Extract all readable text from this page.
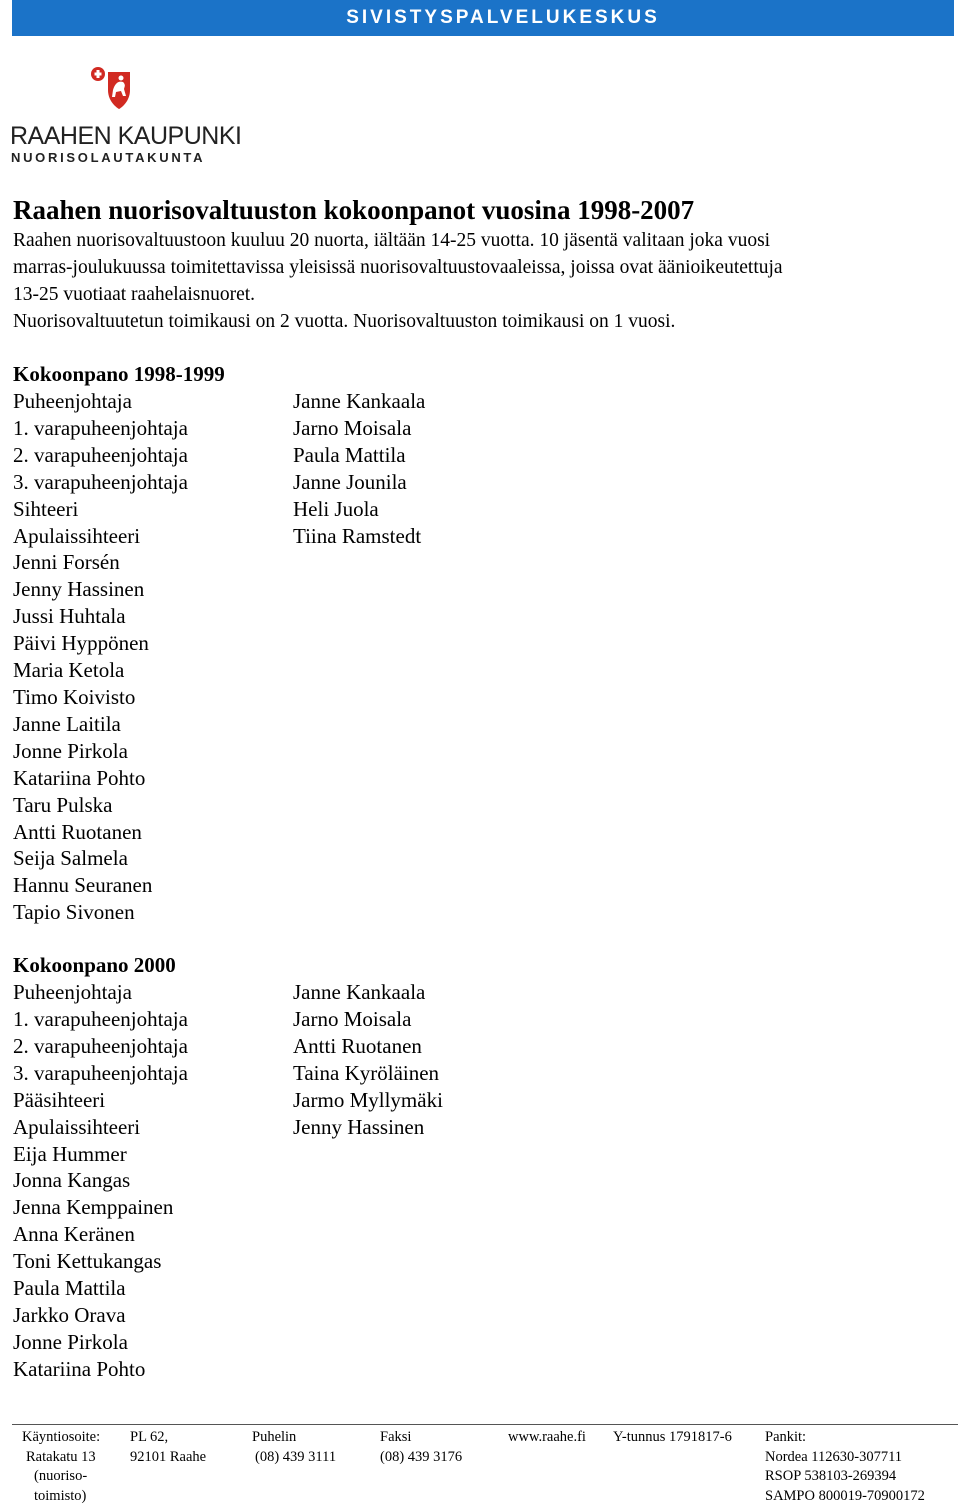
SIVISTYSPALVELUKESKUS
RAAHEN KAUPUNKI
NUORISOLAUTAKUNTA
Raahen nuorisovaltuuston kokoonpanot vuosina 1998-2007

Raahen nuorisovaltuustoon kuuluu 20 nuorta, iältään 14-25 vuotta. 10 jäsentä valitaan joka vuosi

marras-joulukuussa toimitettavissa yleisissä nuorisovaltuustovaaleissa, joissa ovat äänioikeutettuja

13-25 vuotiaat raahelaisnuoret.

Nuorisovaltuutetun toimikausi on 2 vuotta. Nuorisovaltuuston toimikausi on 1 vuosi.

Kokoonpano 1998-1999
Puheenjohtaja	Janne Kankaala
1. varapuheenjohtaja	Jarno Moisala
2. varapuheenjohtaja	Paula Mattila
3. varapuheenjohtaja	Janne Jounila
Sihteeri	Heli Juola
Apulaissihteeri	Tiina Ramstedt
Jenni Forsén
Jenny Hassinen
Jussi Huhtala
Päivi Hyppönen
Maria Ketola
Timo Koivisto
Janne Laitila
Jonne Pirkola
Katariina Pohto
Taru Pulska
Antti Ruotanen
Seija Salmela
Hannu Seuranen
Tapio Sivonen
Kokoonpano 2000
Puheenjohtaja	Janne Kankaala
1. varapuheenjohtaja	Jarno Moisala
2. varapuheenjohtaja	Antti Ruotanen
3. varapuheenjohtaja	Taina Kyröläinen
Pääsihteeri	Jarmo Myllymäki
Apulaissihteeri	Jenny Hassinen
Eija Hummer
Jonna Kangas
Jenna Kemppainen
Anna Keränen
Toni Kettukangas
Paula Mattila
Jarkko Orava
Jonne Pirkola
Katariina Pohto
Käyntiosoite:
Ratakatu 13
(nuoriso-
toimisto)
PL 62,
92101 Raahe
Puhelin
(08) 439 3111
Faksi
(08) 439 3176
www.raahe.fi Y-tunnus 1791817-6 Pankit:
Nordea 112630-307711
RSOP 538103-269394
SAMPO 800019-70900172
